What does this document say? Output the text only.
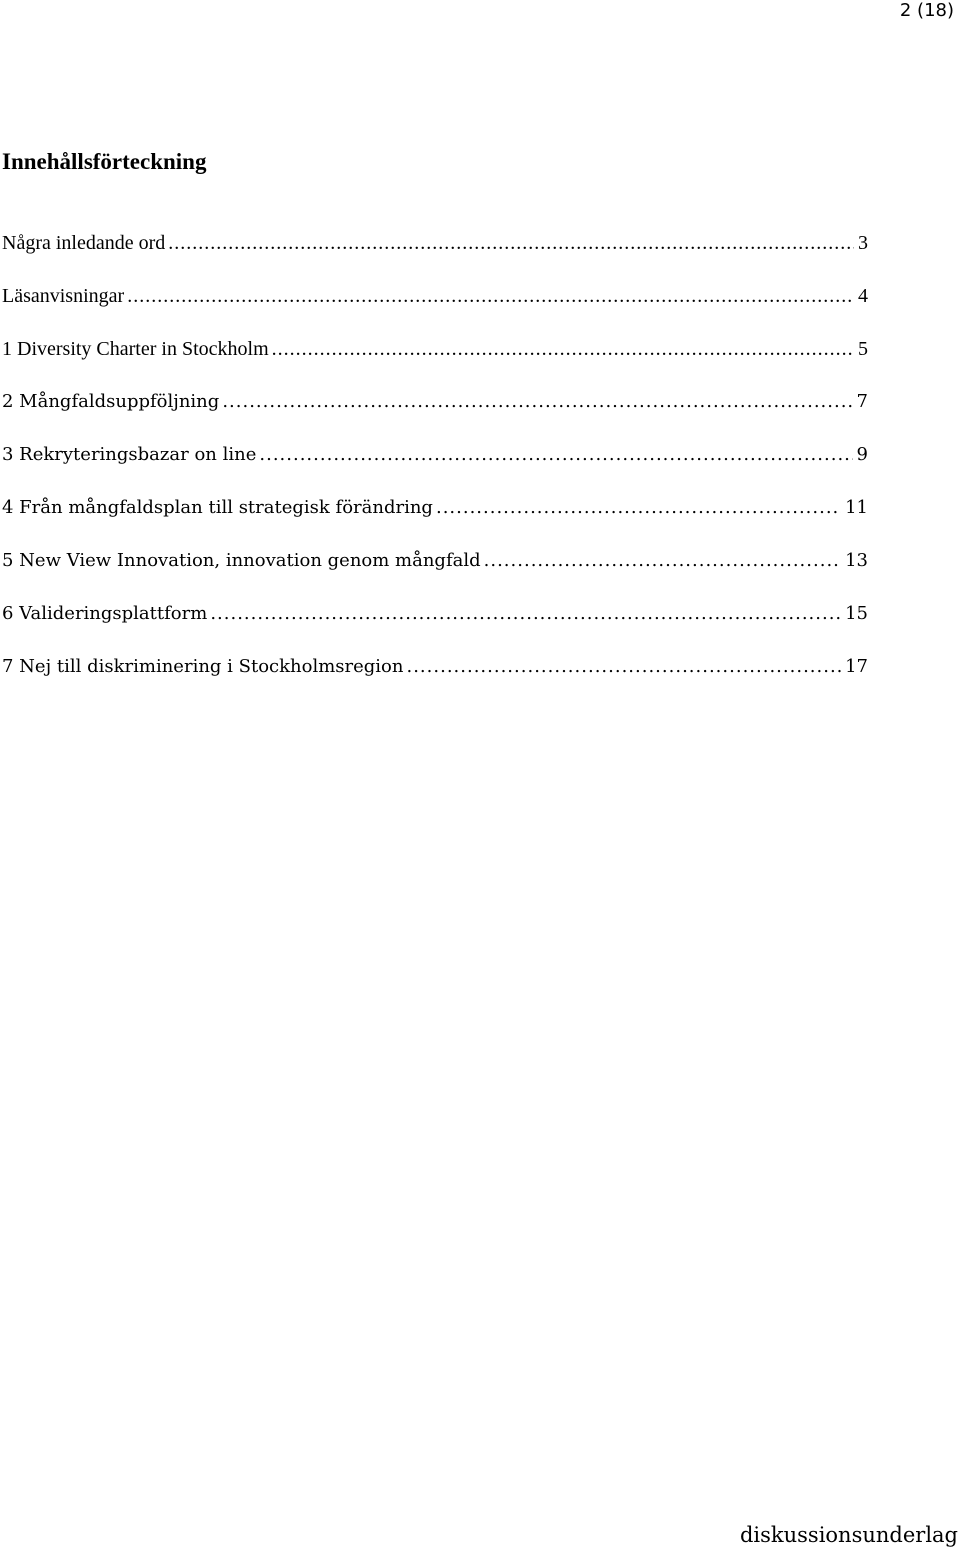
2 (18)
Innehållsförteckning
Några inledande ord .....	3
Läsanvisningar .....	4
1 Diversity Charter in Stockholm .....	5
2 Mångfaldsuppföljning .....	7
3 Rekryteringsbazar on line .....	9
4 Från mångfaldsplan till strategisk förändring .....	11
5 New View Innovation, innovation genom mångfald .....	13
6 Valideringsplattform .....	15
7 Nej till diskriminering i Stockholmsregion .....	17
diskussionsunderlag
